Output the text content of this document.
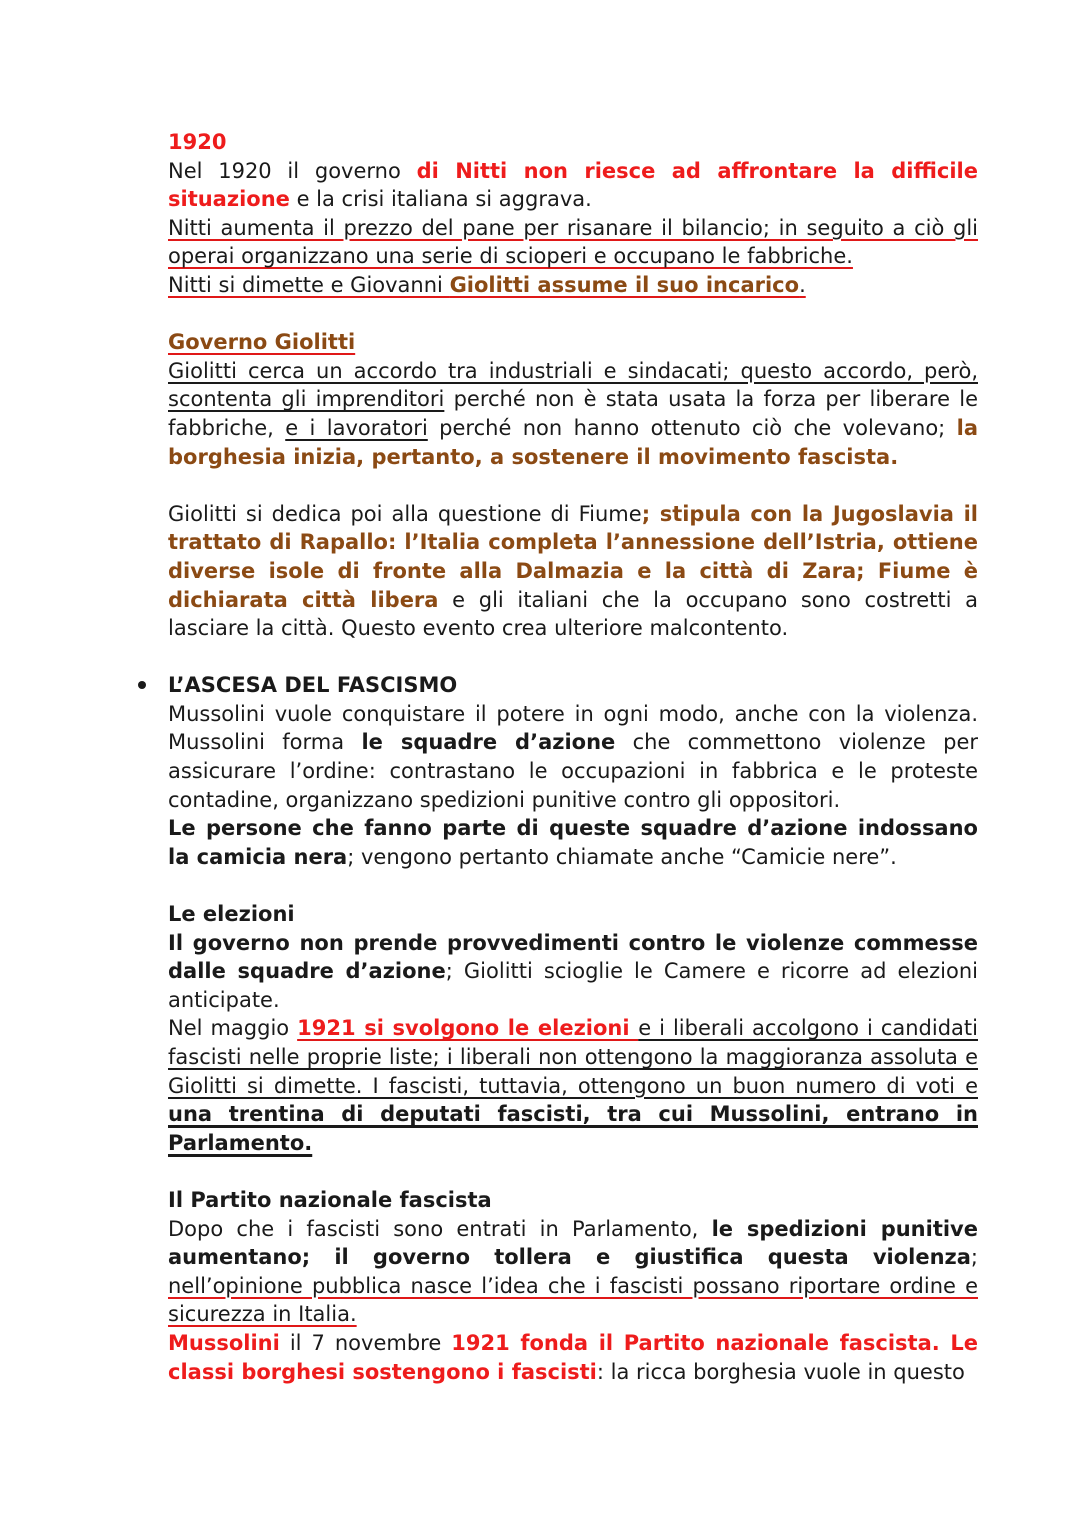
1920

Nel 1920 il governo di Nitti non riesce ad affrontare la difficile situazione e la crisi italiana si aggrava.

Nitti aumenta il prezzo del pane per risanare il bilancio; in seguito a ciò gli operai organizzano una serie di scioperi e occupano le fabbriche.
Nitti si dimette e Giovanni Giolitti assume il suo incarico.

Governo Giolitti

Giolitti cerca un accordo tra industriali e sindacati; questo accordo, però, scontenta gli imprenditori perché non è stata usata la forza per liberare le fabbriche, e i lavoratori perché non hanno ottenuto ciò che volevano; la borghesia inizia, pertanto, a sostenere il movimento fascista.

Giolitti si dedica poi alla questione di Fiume; stipula con la Jugoslavia il trattato di Rapallo: l’Italia completa l’annessione dell’Istria, ottiene diverse isole di fronte alla Dalmazia e la città di Zara; Fiume è dichiarata città libera e gli italiani che la occupano sono costretti a lasciare la città. Questo evento crea ulteriore malcontento.

L’ASCESA DEL FASCISMO

Mussolini vuole conquistare il potere in ogni modo, anche con la violenza. Mussolini forma le squadre d’azione che commettono violenze per assicurare l’ordine: contrastano le occupazioni in fabbrica e le proteste contadine, organizzano spedizioni punitive contro gli oppositori.

Le persone che fanno parte di queste squadre d’azione indossano la camicia nera; vengono pertanto chiamate anche “Camicie nere”.

Le elezioni

Il governo non prende provvedimenti contro le violenze commesse dalle squadre d’azione; Giolitti scioglie le Camere e ricorre ad elezioni anticipate.

Nel maggio 1921 si svolgono le elezioni e i liberali accolgono i candidati fascisti nelle proprie liste; i liberali non ottengono la maggioranza assoluta e Giolitti si dimette. I fascisti, tuttavia, ottengono un buon numero di voti e una trentina di deputati fascisti, tra cui Mussolini, entrano in Parlamento.

Il Partito nazionale fascista

Dopo che i fascisti sono entrati in Parlamento, le spedizioni punitive aumentano; il governo tollera e giustifica questa violenza; nell’opinione pubblica nasce l’idea che i fascisti possano riportare ordine e sicurezza in Italia.

Mussolini il 7 novembre 1921 fonda il Partito nazionale fascista. Le classi borghesi sostengono i fascisti: la ricca borghesia vuole in questo
